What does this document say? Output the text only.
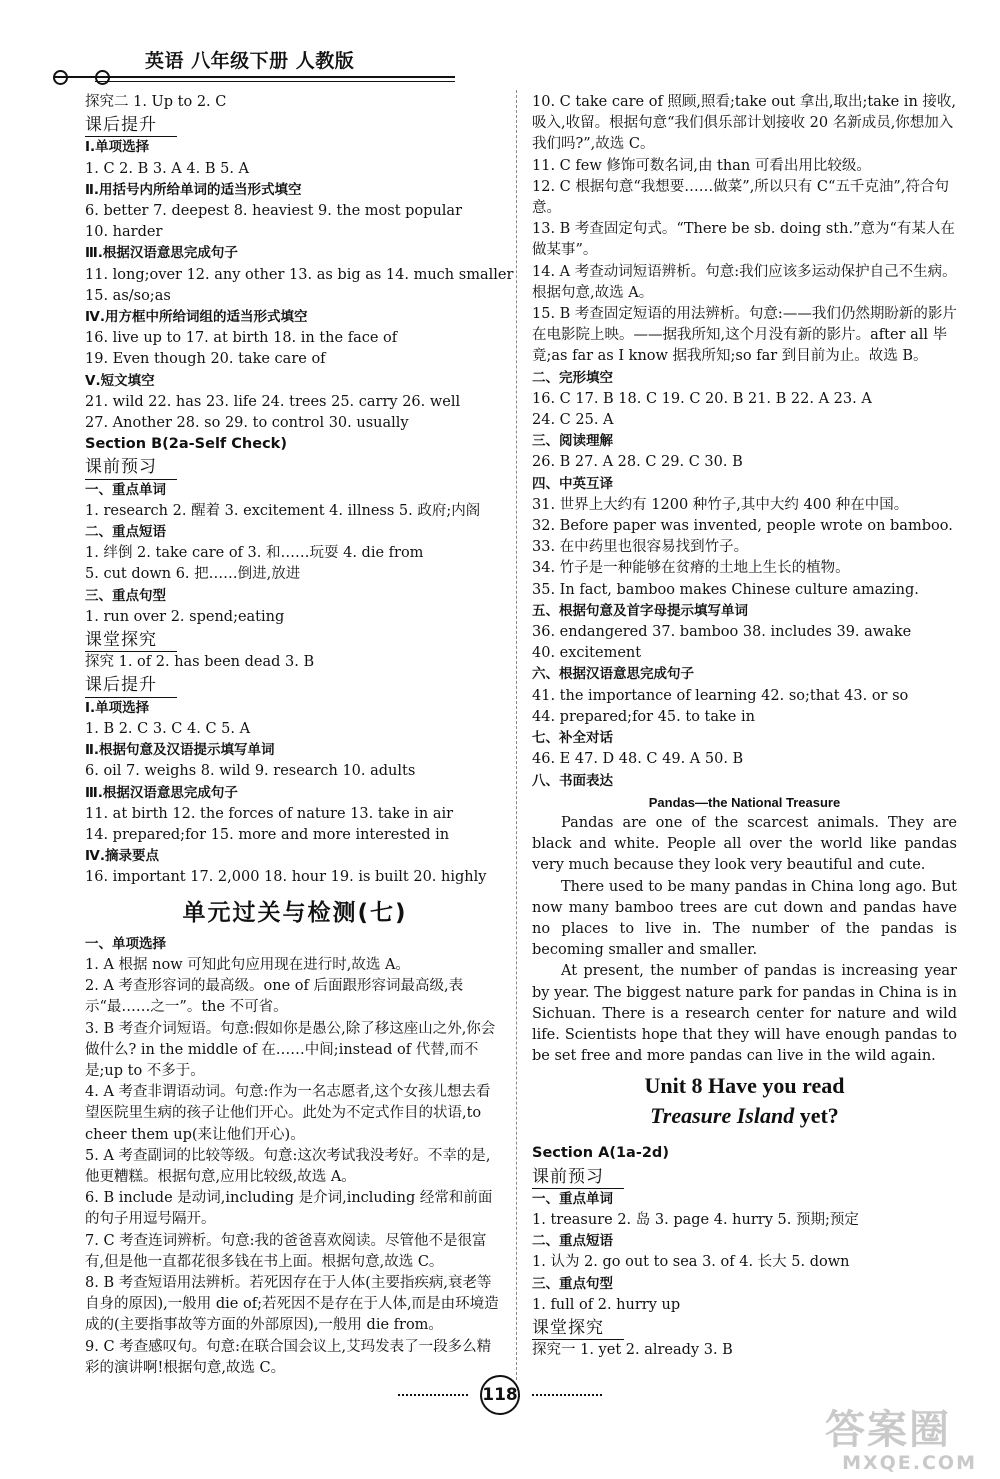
英语 八年级下册 人教版
探究二 1. Up to 2. C
课后提升
Ⅰ.单项选择
1. C 2. B 3. A 4. B 5. A
Ⅱ.用括号内所给单词的适当形式填空
6. better 7. deepest 8. heaviest 9. the most popular
10. harder
Ⅲ.根据汉语意思完成句子
11. long;over 12. any other 13. as big as 14. much smaller
15. as/so;as
Ⅳ.用方框中所给词组的适当形式填空
16. live up to 17. at birth 18. in the face of
19. Even though 20. take care of
Ⅴ.短文填空
21. wild 22. has 23. life 24. trees 25. carry 26. well
27. Another 28. so 29. to control 30. usually
Section B(2a-Self Check)
课前预习
一、重点单词
1. research 2. 醒着 3. excitement 4. illness 5. 政府;内阁
二、重点短语
1. 绊倒 2. take care of 3. 和……玩耍 4. die from
5. cut down 6. 把……倒进,放进
三、重点句型
1. run over 2. spend;eating
课堂探究
探究 1. of 2. has been dead 3. B
课后提升
Ⅰ.单项选择
1. B 2. C 3. C 4. C 5. A
Ⅱ.根据句意及汉语提示填写单词
6. oil 7. weighs 8. wild 9. research 10. adults
Ⅲ.根据汉语意思完成句子
11. at birth 12. the forces of nature 13. take in air
14. prepared;for 15. more and more interested in
Ⅳ.摘录要点
16. important 17. 2,000 18. hour 19. is built 20. highly
单元过关与检测(七)
一、单项选择
1. A 根据 now 可知此句应用现在进行时,故选 A。
2. A 考查形容词的最高级。one of 后面跟形容词最高级,表示“最……之一”。the 不可省。
3. B 考查介词短语。句意:假如你是愚公,除了移这座山之外,你会做什么? in the middle of 在……中间;instead of 代替,而不是;up to 不多于。
4. A 考查非谓语动词。句意:作为一名志愿者,这个女孩儿想去看望医院里生病的孩子让他们开心。此处为不定式作目的状语,to cheer them up(来让他们开心)。
5. A 考查副词的比较等级。句意:这次考试我没考好。不幸的是,他更糟糕。根据句意,应用比较级,故选 A。
6. B include 是动词,including 是介词,including 经常和前面的句子用逗号隔开。
7. C 考查连词辨析。句意:我的爸爸喜欢阅读。尽管他不是很富有,但是他一直都花很多钱在书上面。根据句意,故选 C。
8. B 考查短语用法辨析。若死因存在于人体(主要指疾病,衰老等自身的原因),一般用 die of;若死因不是存在于人体,而是由环境造成的(主要指事故等方面的外部原因),一般用 die from。
9. C 考查感叹句。句意:在联合国会议上,艾玛发表了一段多么精彩的演讲啊!根据句意,故选 C。
10. C take care of 照顾,照看;take out 拿出,取出;take in 接收,吸入,收留。根据句意“我们俱乐部计划接收 20 名新成员,你想加入我们吗?”,故选 C。
11. C few 修饰可数名词,由 than 可看出用比较级。
12. C 根据句意“我想要……做菜”,所以只有 C“五千克油”,符合句意。
13. B 考查固定句式。“There be sb. doing sth.”意为“有某人在做某事”。
14. A 考查动词短语辨析。句意:我们应该多运动保护自己不生病。根据句意,故选 A。
15. B 考查固定短语的用法辨析。句意:——我们仍然期盼新的影片在电影院上映。——据我所知,这个月没有新的影片。after all 毕竟;as far as I know 据我所知;so far 到目前为止。故选 B。
二、完形填空
16. C 17. B 18. C 19. C 20. B 21. B 22. A 23. A
24. C 25. A
三、阅读理解
26. B 27. A 28. C 29. C 30. B
四、中英互译
31. 世界上大约有 1200 种竹子,其中大约 400 种在中国。
32. Before paper was invented, people wrote on bamboo.
33. 在中药里也很容易找到竹子。
34. 竹子是一种能够在贫瘠的土地上生长的植物。
35. In fact, bamboo makes Chinese culture amazing.
五、根据句意及首字母提示填写单词
36. endangered 37. bamboo 38. includes 39. awake
40. excitement
六、根据汉语意思完成句子
41. the importance of learning 42. so;that 43. or so
44. prepared;for 45. to take in
七、补全对话
46. E 47. D 48. C 49. A 50. B
八、书面表达
Pandas—the National Treasure
Pandas are one of the scarcest animals. They are black and white. People all over the world like pandas very much because they look very beautiful and cute.
There used to be many pandas in China long ago. But now many bamboo trees are cut down and pandas have no places to live in. The number of the pandas is becoming smaller and smaller.
At present, the number of pandas is increasing year by year. The biggest nature park for pandas in China is in Sichuan. There is a research center for nature and wild life. Scientists hope that they will have enough pandas to be set free and more pandas can live in the wild again.
Unit 8 Have you read
Treasure Island yet?
Section A(1a-2d)
课前预习
一、重点单词
1. treasure 2. 岛 3. page 4. hurry 5. 预期;预定
二、重点短语
1. 认为 2. go out to sea 3. of 4. 长大 5. down
三、重点句型
1. full of 2. hurry up
课堂探究
探究一 1. yet 2. already 3. B
118
答案圈
MXQE.COM
